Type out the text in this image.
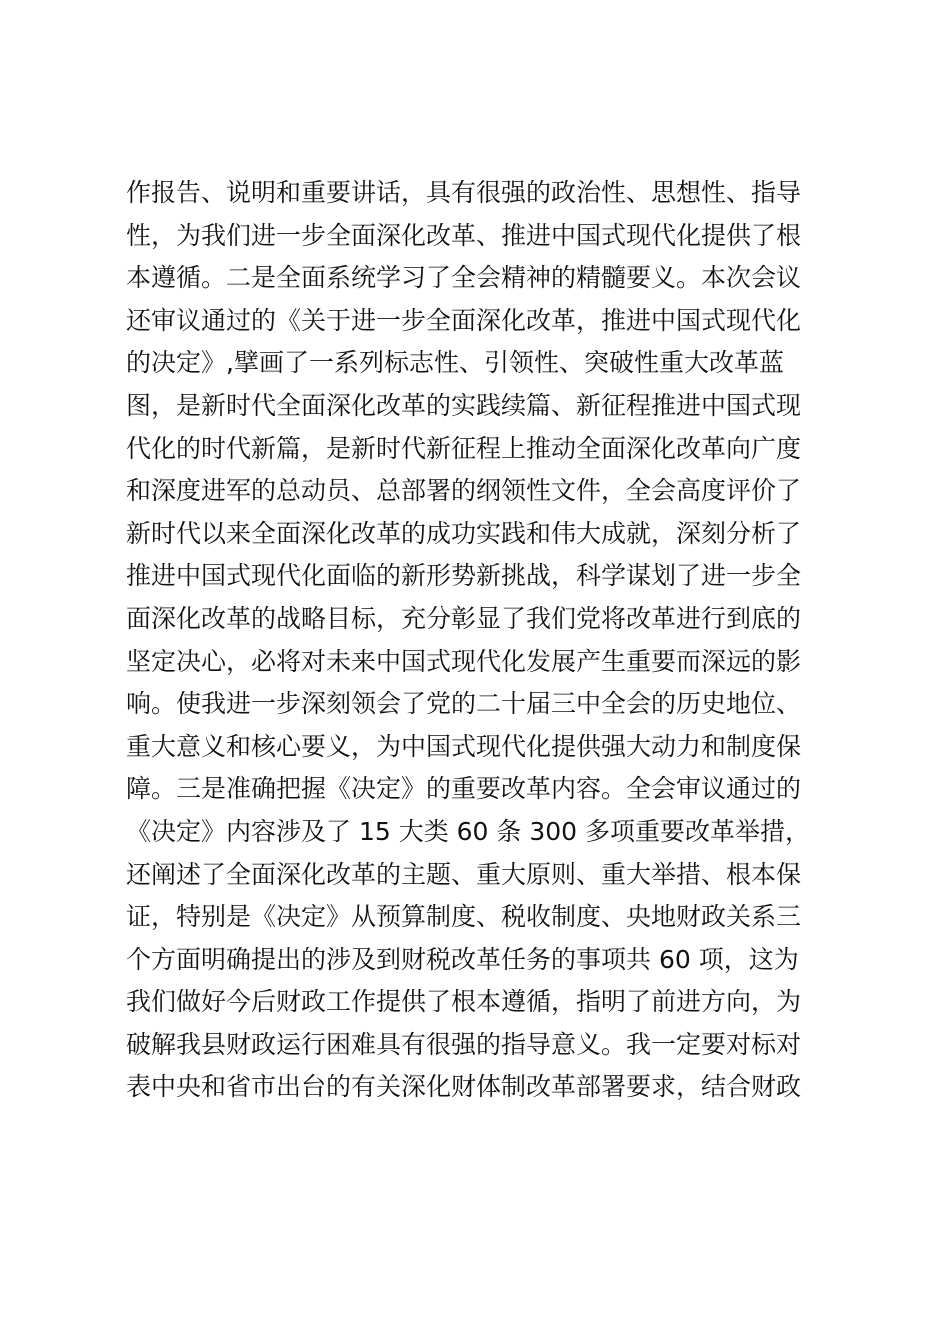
作报告、说明和重要讲话，具有很强的政治性、思想性、指导

性，为我们进一步全面深化改革、推进中国式现代化提供了根

本遵循。二是全面系统学习了全会精神的精髓要义。本次会议

还审议通过的《关于进一步全面深化改革，推进中国式现代化

的决定》,擘画了一系列标志性、引领性、突破性重大改革蓝

图，是新时代全面深化改革的实践续篇、新征程推进中国式现

代化的时代新篇，是新时代新征程上推动全面深化改革向广度

和深度进军的总动员、总部署的纲领性文件，全会高度评价了

新时代以来全面深化改革的成功实践和伟大成就，深刻分析了

推进中国式现代化面临的新形势新挑战，科学谋划了进一步全

面深化改革的战略目标，充分彰显了我们党将改革进行到底的

坚定决心，必将对未来中国式现代化发展产生重要而深远的影

响。使我进一步深刻领会了党的二十届三中全会的历史地位、

重大意义和核心要义，为中国式现代化提供强大动力和制度保

障。三是准确把握《决定》的重要改革内容。全会审议通过的

《决定》内容涉及了 15 大类 60 条 300 多项重要改革举措，

还阐述了全面深化改革的主题、重大原则、重大举措、根本保

证，特别是《决定》从预算制度、税收制度、央地财政关系三

个方面明确提出的涉及到财税改革任务的事项共 60 项，这为

我们做好今后财政工作提供了根本遵循，指明了前进方向，为

破解我县财政运行困难具有很强的指导意义。我一定要对标对

表中央和省市出台的有关深化财体制改革部署要求，结合财政
